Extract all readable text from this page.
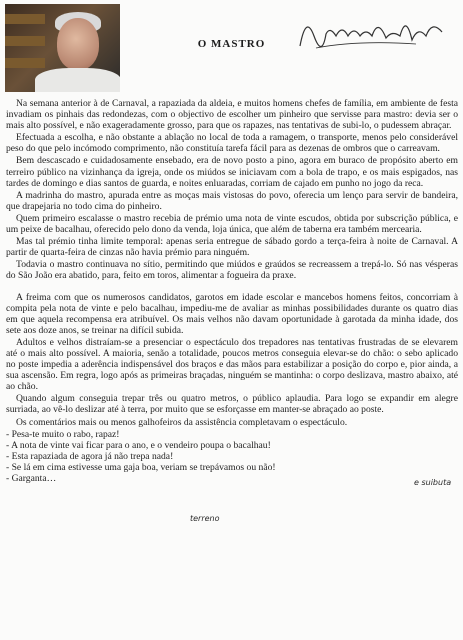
O MASTRO

Na semana anterior à de Carnaval, a rapaziada da aldeia, e muitos homens chefes de família, em ambiente de festa invadiam os pinhais das redondezas, com o objectivo de escolher um pinheiro que servisse para mastro: devia ser o mais alto possível, e não exageradamente grosso, para que os rapazes, nas tentativas de subi-lo, o pudessem abraçar.

Efectuada a escolha, e não obstante a ablação no local de toda a ramagem, o transporte, menos pelo considerável peso do que pelo incómodo comprimento, não constituía tarefa fácil para as dezenas de ombros que o carreavam.

Bem descascado e cuidadosamente ensebado, era de novo posto a pino, agora em buraco de propósito aberto em terreiro público na vizinhança da igreja, onde os miúdos se iniciavam com a bola de trapo, e os mais espigados, nas tardes de domingo e dias santos de guarda, e noites enluaradas, corriam de cajado em punho no jogo da reca.

A madrinha do mastro, apurada entre as moças mais vistosas do povo, oferecia um lenço para servir de bandeira, que drapejaria no todo cima do pinheiro.

Quem primeiro escalasse o mastro recebia de prémio uma nota de vinte escudos, obtida por subscrição pública, e um peixe de bacalhau, oferecido pelo dono da venda, loja única, que além de taberna era também mercearia.

Mas tal prémio tinha limite temporal: apenas seria entregue de sábado gordo a terça-feira à noite de Carnaval. A partir de quarta-feira de cinzas não havia prémio para ninguém.

Todavia o mastro continuava no sítio, permitindo que miúdos e graúdos se recreassem a trepá-lo. Só nas vésperas do São João era abatido, para, feito em toros, alimentar a fogueira da praxe.

A freima com que os numerosos candidatos, garotos em idade escolar e mancebos homens feitos, concorriam à compita pela nota de vinte e pelo bacalhau, impediu-me de avaliar as minhas possibilidades durante os quatro dias em que aquela recompensa era atribuível. Os mais velhos não davam oportunidade à garotada da minha idade, dos sete aos doze anos, se treinar na difícil subida.

Adultos e velhos distraíam-se a presenciar o espectáculo dos trepadores nas tentativas frustradas de se elevarem até o mais alto possível. A maioria, senão a totalidade, poucos metros conseguia elevar-se do chão: o sebo aplicado no poste impedia a aderência indispensável dos braços e das mãos para estabilizar a posição do corpo e, pior ainda, a sua ascensão. Em regra, logo após as primeiras braçadas, ninguém se mantinha: o corpo deslizava, mastro abaixo, até ao chão.

Quando algum conseguia trepar três ou quatro metros, o público aplaudia. Para logo se expandir em alegre surriada, ao vê-lo deslizar até à terra, por muito que se esforçasse em manter-se abraçado ao poste.

Os comentários mais ou menos galhofeiros da assistência completavam o espectáculo.

- Pesa-te muito o rabo, rapaz!

- A nota de vinte vai ficar para o ano, e o vendeiro poupa o bacalhau!

- Esta rapaziada de agora já não trepa nada!

- Se lá em cima estivesse uma gaja boa, veriam se trepávamos ou não!

- Garganta…	e suibuta
terreno
